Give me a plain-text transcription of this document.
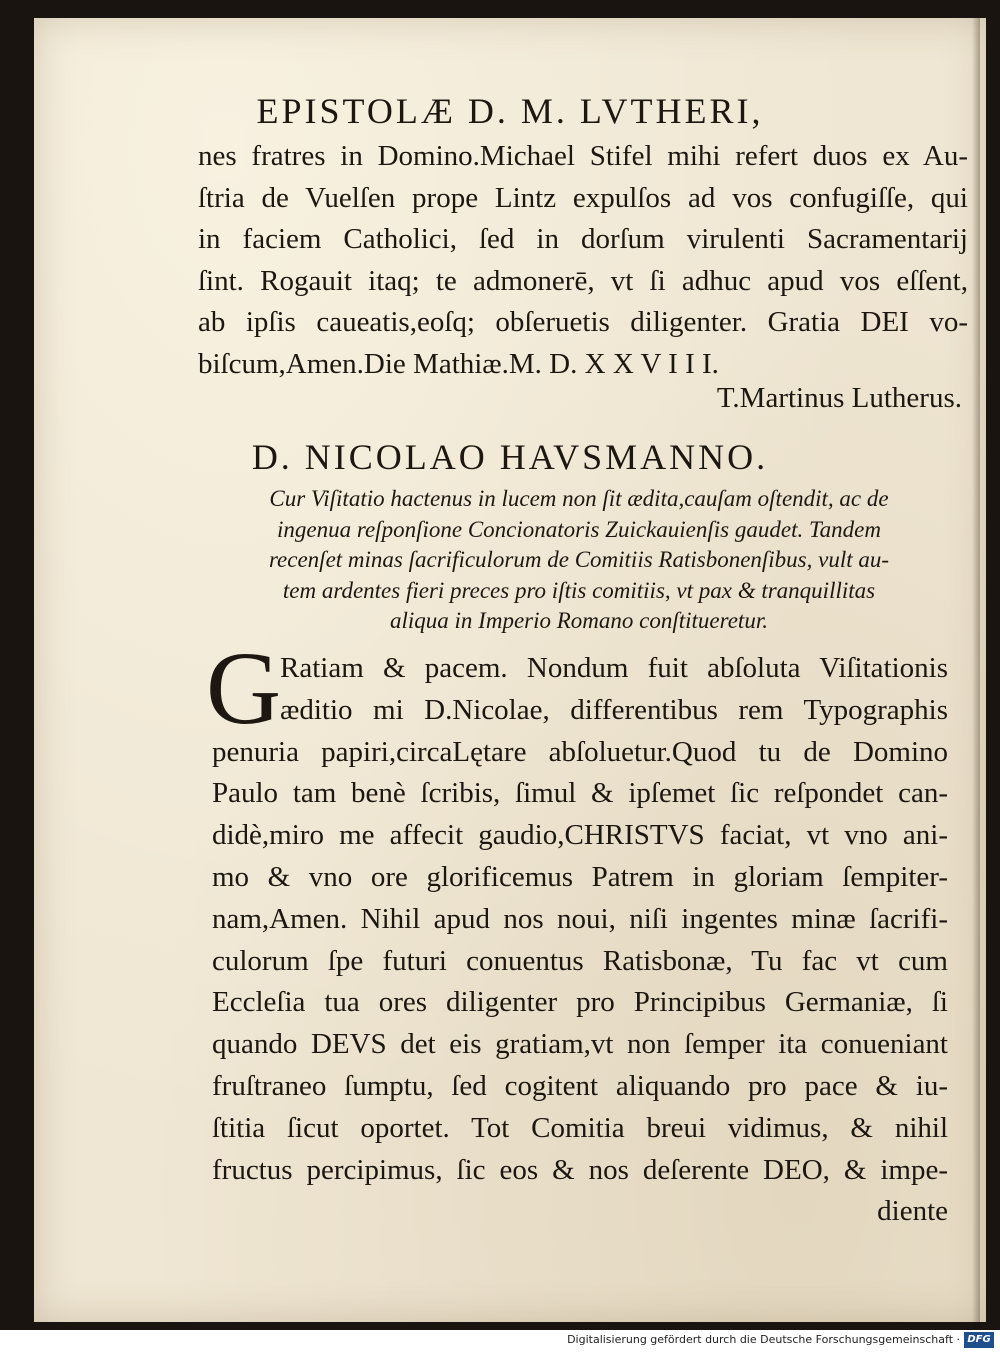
EPISTOLÆ D. M. LVTHERI,
nes fratres in Domino.Michael Stifel mihi refert duos ex Au-
ſtria de Vuelſen prope Lintz expulſos ad vos confugiſſe, qui
in faciem Catholici, ſed in dorſum virulenti Sacramentarij
ſint. Rogauit itaq; te admonerē, vt ſi adhuc apud vos eſſent,
ab ipſis caueatis,eoſq; obſeruetis diligenter. Gratia DEI vo-
biſcum,Amen.Die Mathiæ.M. D. X X V I I I.
T.Martinus Lutherus.
D. NICOLAO HAVSMANNO.
Cur Viſitatio hactenus in lucem non ſit ædita,cauſam oſtendit, ac de
ingenua reſponſione Concionatoris Zuickauienſis gaudet. Tandem
recenſet minas ſacrificulorum de Comitiis Ratisbonenſibus, vult au-
tem ardentes fieri preces pro iſtis comitiis, vt pax & tranquillitas
aliqua in Imperio Romano conſtitueretur.
G
Ratiam & pacem. Nondum fuit abſoluta Viſitationis
æditio mi D.Nicolae, differentibus rem Typographis
penuria papiri,circaLętare abſoluetur.Quod tu de Domino
Paulo tam benè ſcribis, ſimul & ipſemet ſic reſpondet can-
didè,miro me affecit gaudio,CHRISTVS faciat, vt vno ani-
mo & vno ore glorificemus Patrem in gloriam ſempiter-
nam,Amen. Nihil apud nos noui, niſi ingentes minæ ſacrifi-
culorum ſpe futuri conuentus Ratisbonæ, Tu fac vt cum
Eccleſia tua ores diligenter pro Principibus Germaniæ, ſi
quando DEVS det eis gratiam,vt non ſemper ita conueniant
fruſtraneo ſumptu, ſed cogitent aliquando pro pace & iu-
ſtitia ſicut oportet. Tot Comitia breui vidimus, & nihil
fructus percipimus, ſic eos & nos deſerente DEO, & impe-
diente
Digitalisierung gefördert durch die Deutsche Forschungsgemeinschaft · DFG
